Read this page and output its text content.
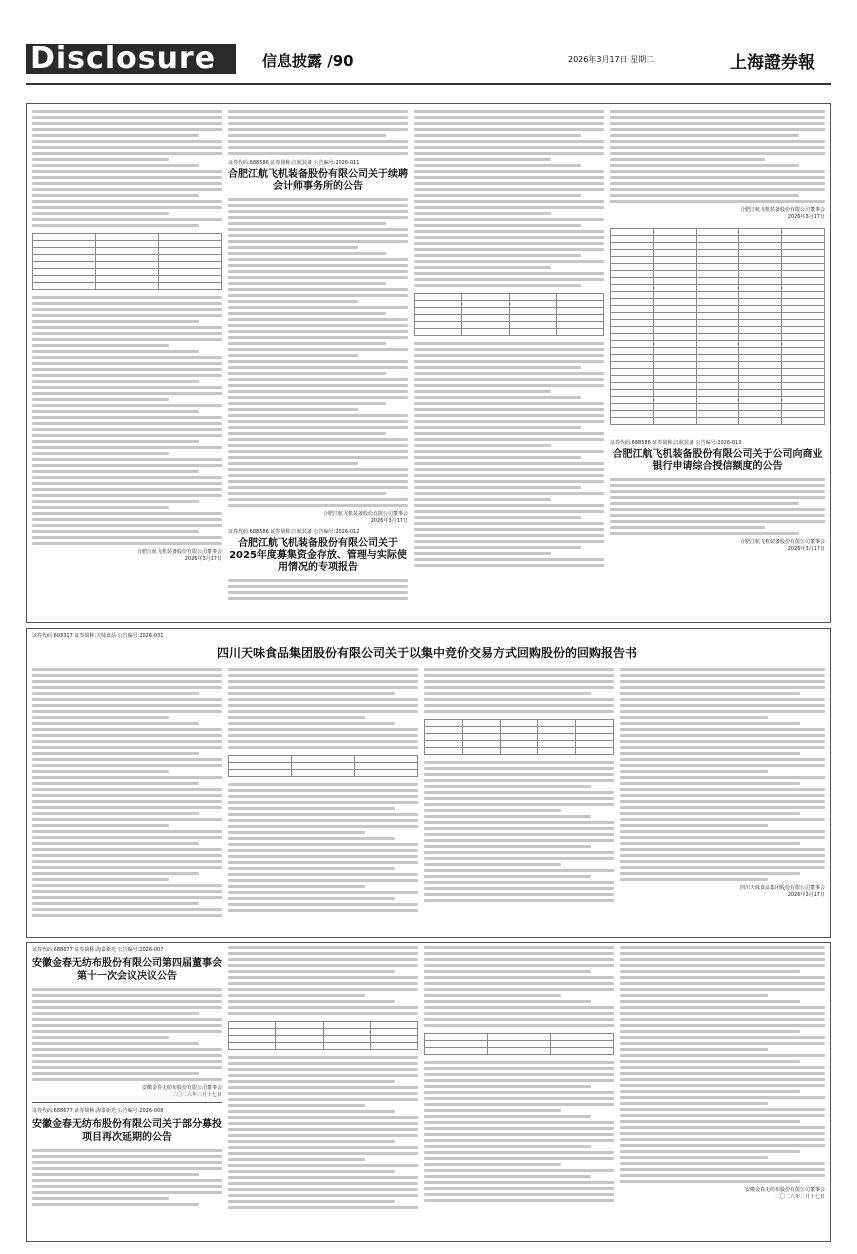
Disclosure	信息披露 /90	2026年3月17日 星期二	上海證券報

合肥江航飞机装备股份有限公司董事会
2026年3月17日
证券代码:688586 证券简称:江航装备 公告编号:2026-011
合肥江航飞机装备股份有限公司关于续聘会计师事务所的公告
合肥江航飞机装备股份有限公司董事会
2026年3月17日
证券代码:688586 证券简称:江航装备 公告编号:2026-012
合肥江航飞机装备股份有限公司关于2025年度募集资金存放、管理与实际使用情况的专项报告

合肥江航飞机装备股份有限公司董事会
2026年3月17日

证券代码:688586 证券简称:江航装备 公告编号:2026-013
合肥江航飞机装备股份有限公司关于公司向商业银行申请综合授信额度的公告
合肥江航飞机装备股份有限公司董事会
2026年3月17日
证券代码:603317 证券简称:天味食品 公告编号:2026-031
四川天味食品集团股份有限公司关于以集中竞价交易方式回购股份的回购报告书

四川天味食品集团股份有限公司董事会
2026年3月17日
证券代码:688677 证券简称:海泰新光 公告编号:2026-007
安徽金春无纺布股份有限公司第四届董事会第十一次会议决议公告
安徽金春无纺布股份有限公司董事会
二〇二六年三月十七日
证券代码:688677 证券简称:海泰新光 公告编号:2026-008
安徽金春无纺布股份有限公司关于部分募投项目再次延期的公告

安徽金春无纺布股份有限公司董事会
二〇二六年三月十七日
